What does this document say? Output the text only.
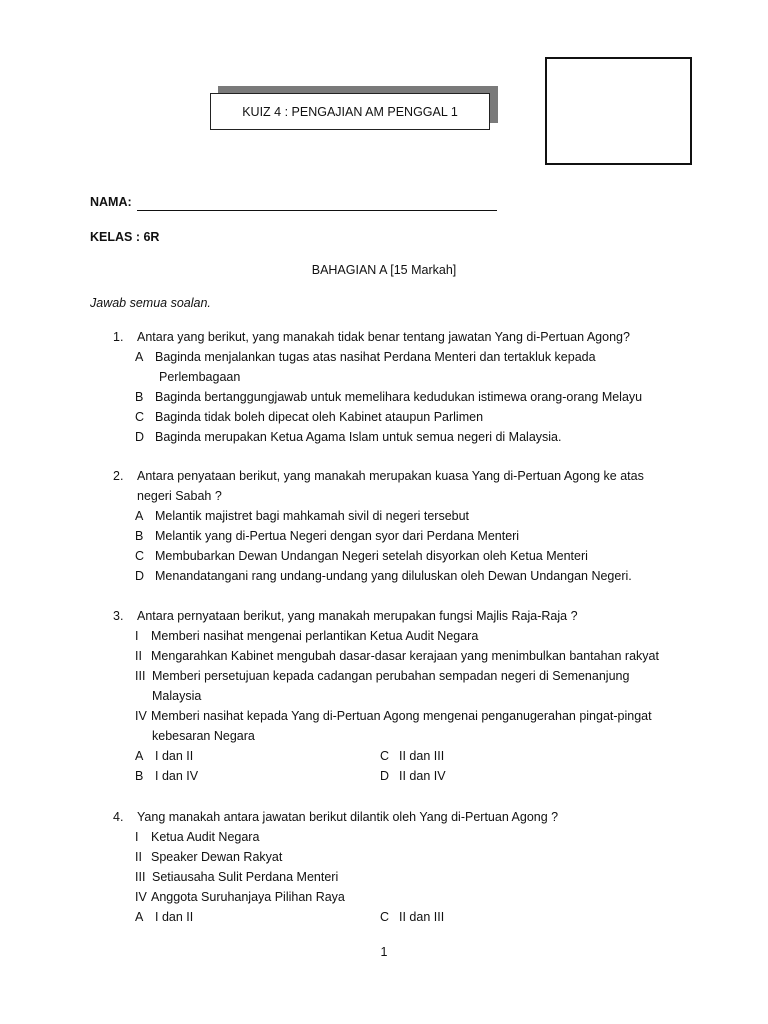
KUIZ 4 : PENGAJIAN AM PENGGAL 1
NAMA:
KELAS : 6R
BAHAGIAN A [15 Markah]
Jawab semua soalan.
1. Antara yang berikut, yang manakah tidak benar tentang jawatan Yang di-Pertuan Agong?
A Baginda menjalankan tugas atas nasihat Perdana Menteri dan tertakluk kepada
Perlembagaan
B Baginda bertanggungjawab untuk memelihara kedudukan istimewa orang-orang Melayu
C Baginda tidak boleh dipecat oleh Kabinet ataupun Parlimen
D Baginda merupakan Ketua Agama Islam untuk semua negeri di Malaysia.
2. Antara penyataan berikut, yang manakah merupakan kuasa Yang di-Pertuan Agong ke atas
negeri Sabah ?
A Melantik majistret bagi mahkamah sivil di negeri tersebut
B Melantik yang di-Pertua Negeri dengan syor dari Perdana Menteri
C Membubarkan Dewan Undangan Negeri setelah disyorkan oleh Ketua Menteri
D Menandatangani rang undang-undang yang diluluskan oleh Dewan Undangan Negeri.
3. Antara pernyataan berikut, yang manakah merupakan fungsi Majlis Raja-Raja ?
I Memberi nasihat mengenai perlantikan Ketua Audit Negara
II Mengarahkan Kabinet mengubah dasar-dasar kerajaan yang menimbulkan bantahan rakyat
III Memberi persetujuan kepada cadangan perubahan sempadan negeri di Semenanjung
Malaysia
IV Memberi nasihat kepada Yang di-Pertuan Agong mengenai penganugerahan pingat-pingat
kebesaran Negara
A I dan II	C II dan III
B I dan IV	D II dan IV
4. Yang manakah antara jawatan berikut dilantik oleh Yang di-Pertuan Agong ?
I Ketua Audit Negara
II Speaker Dewan Rakyat
III Setiausaha Sulit Perdana Menteri
IV Anggota Suruhanjaya Pilihan Raya
A I dan II	C II dan III
1
